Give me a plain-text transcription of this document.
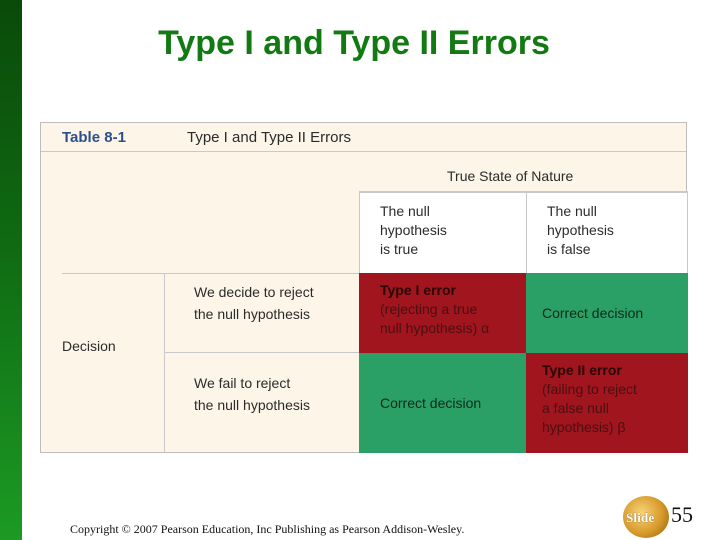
Type I and Type II Errors
Table 8-1	Type I and Type II Errors
True State of Nature
The null
hypothesis
is true
The null
hypothesis
is false
Decision
We decide to reject
the null hypothesis
We fail to reject
the null hypothesis
Type I error
(rejecting a true
null hypothesis) α
Correct decision
Correct decision
Type II error
(failing to reject
a false null
hypothesis) β
Copyright © 2007 Pearson Education, Inc Publishing as Pearson Addison-Wesley.
Slide 55
